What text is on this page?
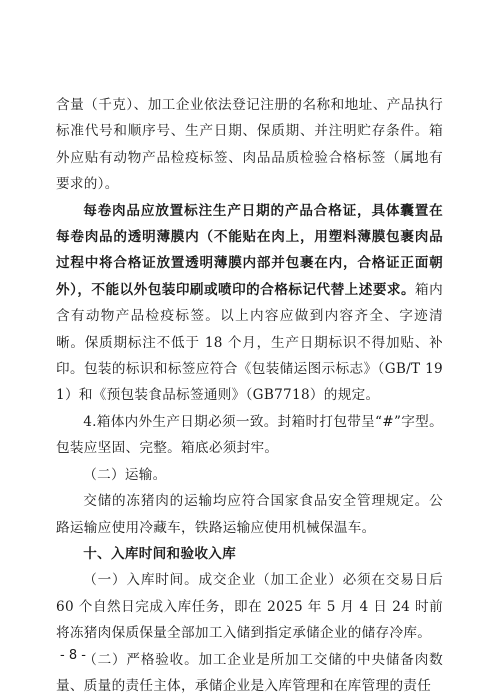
含量（千克）、加工企业依法登记注册的名称和地址、产品执行标准代号和顺序号、生产日期、保质期、并注明贮存条件。箱外应贴有动物产品检疫标签、肉品品质检验合格标签（属地有要求的）。

每卷肉品应放置标注生产日期的产品合格证，具体囊置在每卷肉品的透明薄膜内（不能贴在肉上，用塑料薄膜包裹肉品过程中将合格证放置透明薄膜内部并包裹在内，合格证正面朝外），不能以外包装印刷或喷印的合格标记代替上述要求。箱内含有动物产品检疫标签。以上内容应做到内容齐全、字迹清晰。保质期标注不低于 18 个月，生产日期标识不得加贴、补印。包装的标识和标签应符合《包装储运图示标志》（GB/T 191）和《预包装食品标签通则》（GB7718）的规定。

4.箱体内外生产日期必须一致。封箱时打包带呈“#”字型。包装应坚固、完整。箱底必须封牢。

（二）运输。

交储的冻猪肉的运输均应符合国家食品安全管理规定。公路运输应使用冷藏车，铁路运输应使用机械保温车。

十、入库时间和验收入库

（一）入库时间。成交企业（加工企业）必须在交易日后 60 个自然日完成入库任务，即在 2025 年 5 月 4 日 24 时前将冻猪肉保质保量全部加工入储到指定承储企业的储存冷库。

（二）严格验收。加工企业是所加工交储的中央储备肉数量、质量的责任主体，承储企业是入库管理和在库管理的责任

- 8 -
